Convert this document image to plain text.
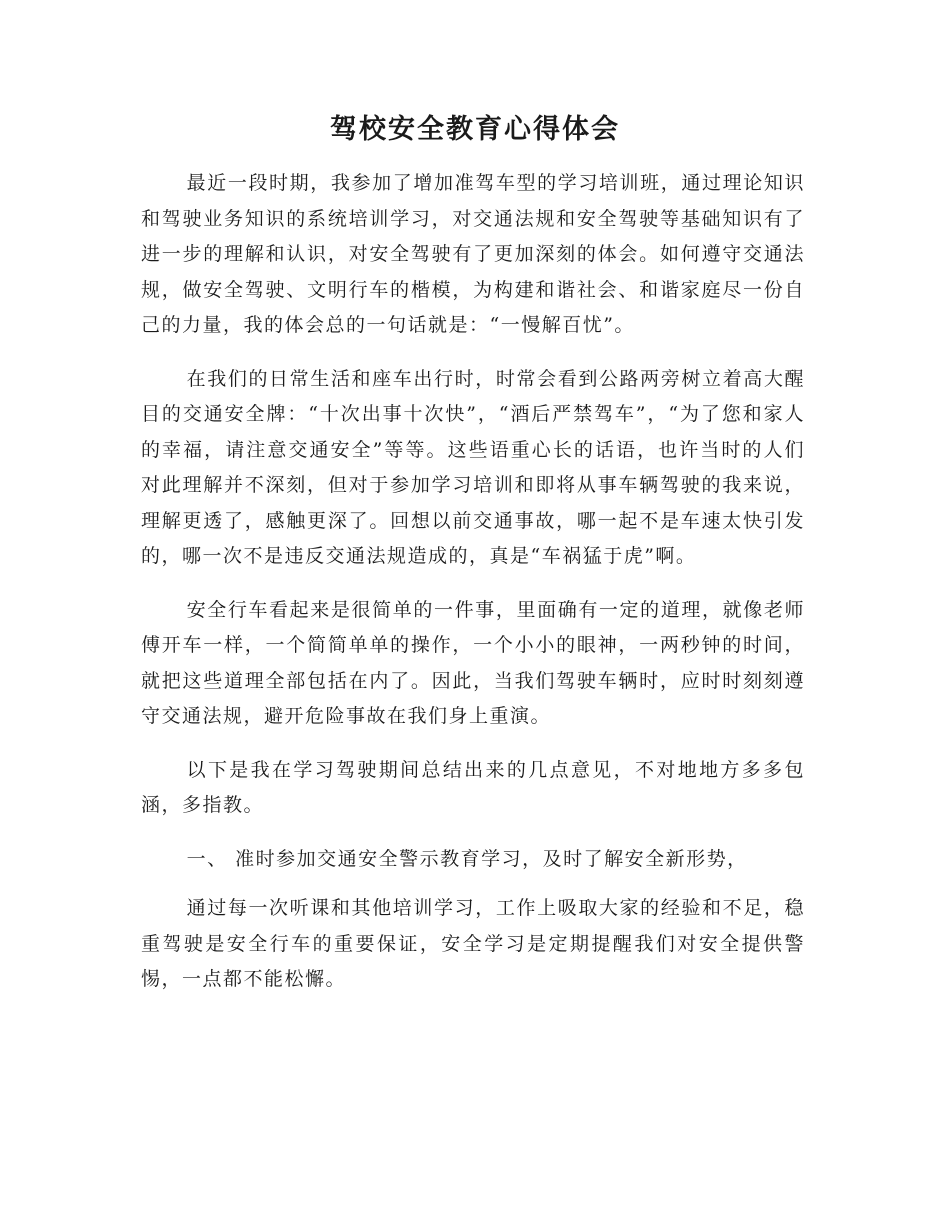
驾校安全教育心得体会

最近一段时期，我参加了增加准驾车型的学习培训班，通过理论知识和驾驶业务知识的系统培训学习，对交通法规和安全驾驶等基础知识有了进一步的理解和认识，对安全驾驶有了更加深刻的体会。如何遵守交通法规，做安全驾驶、文明行车的楷模，为构建和谐社会、和谐家庭尽一份自己的力量，我的体会总的一句话就是：“一慢解百忧”。

在我们的日常生活和座车出行时，时常会看到公路两旁树立着高大醒目的交通安全牌：“十次出事十次快”，“酒后严禁驾车”，“为了您和家人的幸福，请注意交通安全”等等。这些语重心长的话语，也许当时的人们对此理解并不深刻，但对于参加学习培训和即将从事车辆驾驶的我来说，理解更透了，感触更深了。回想以前交通事故，哪一起不是车速太快引发的，哪一次不是违反交通法规造成的，真是“车祸猛于虎”啊。

安全行车看起来是很简单的一件事，里面确有一定的道理，就像老师傅开车一样，一个简简单单的操作，一个小小的眼神，一两秒钟的时间，就把这些道理全部包括在内了。因此，当我们驾驶车辆时，应时时刻刻遵守交通法规，避开危险事故在我们身上重演。

以下是我在学习驾驶期间总结出来的几点意见，不对地地方多多包涵，多指教。

一、 准时参加交通安全警示教育学习，及时了解安全新形势，

通过每一次听课和其他培训学习，工作上吸取大家的经验和不足，稳重驾驶是安全行车的重要保证，安全学习是定期提醒我们对安全提供警惕，一点都不能松懈。
